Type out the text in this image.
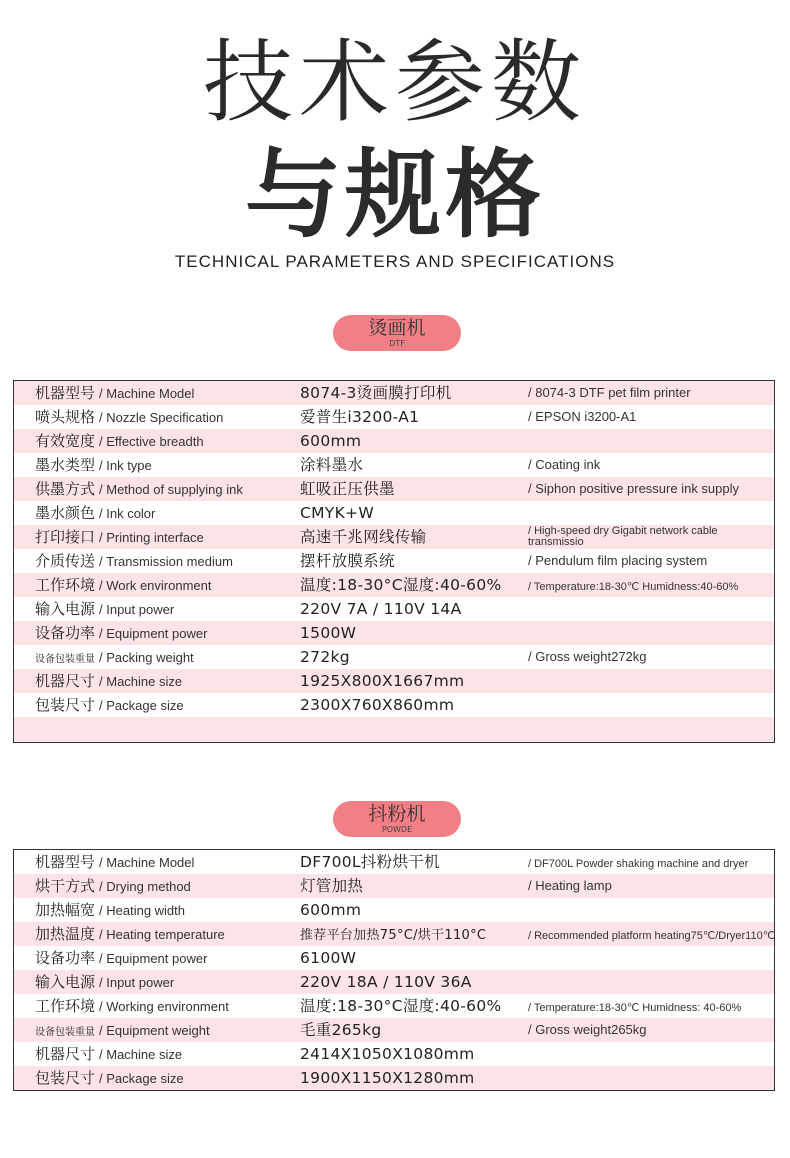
技术参数
与规格
TECHNICAL PARAMETERS AND SPECIFICATIONS
烫画机
DTF
机器型号 / Machine Model	8074-3烫画膜打印机	/ 8074-3 DTF pet film printer
喷头规格 / Nozzle Specification	爱普生i3200-A1	/ EPSON i3200-A1
有效宽度 / Effective breadth	600mm
墨水类型 / Ink type	涂料墨水	/ Coating ink
供墨方式 / Method of supplying ink	虹吸正压供墨	/ Siphon positive pressure ink supply
墨水颜色 / Ink color	CMYK+W
打印接口 / Printing interface	高速千兆网线传输	/ High-speed dry Gigabit network cable transmissio
介质传送 / Transmission medium	摆杆放膜系统	/ Pendulum film placing system
工作环境 / Work environment	温度:18-30°C湿度:40-60% / Temperature:18-30℃ Humidness:40-60%
输入电源 / Input power	220V 7A / 110V 14A
设备功率 / Equipment power	1500W
设备包装重量 / Packing weight	272kg	/ Gross weight272kg
机器尺寸 / Machine size	1925X800X1667mm
包装尺寸 / Package size	2300X760X860mm
抖粉机
POWDE
机器型号 / Machine Model	DF700L抖粉烘干机	/ DF700L Powder shaking machine and dryer
烘干方式 / Drying method	灯管加热	/ Heating lamp
加热幅宽 / Heating width	600mm
加热温度 / Heating temperature	推荐平台加热75°C/烘干110°C	/ Recommended platform heating75℃/Dryer110℃
设备功率 / Equipment power	6100W
输入电源 / Input power	220V 18A / 110V 36A
工作环境 / Working environment	温度:18-30°C湿度:40-60% / Temperature:18-30℃ Humidness: 40-60%
设备包装重量 / Equipment weight	毛重265kg	/ Gross weight265kg
机器尺寸 / Machine size	2414X1050X1080mm
包装尺寸 / Package size	1900X1150X1280mm
